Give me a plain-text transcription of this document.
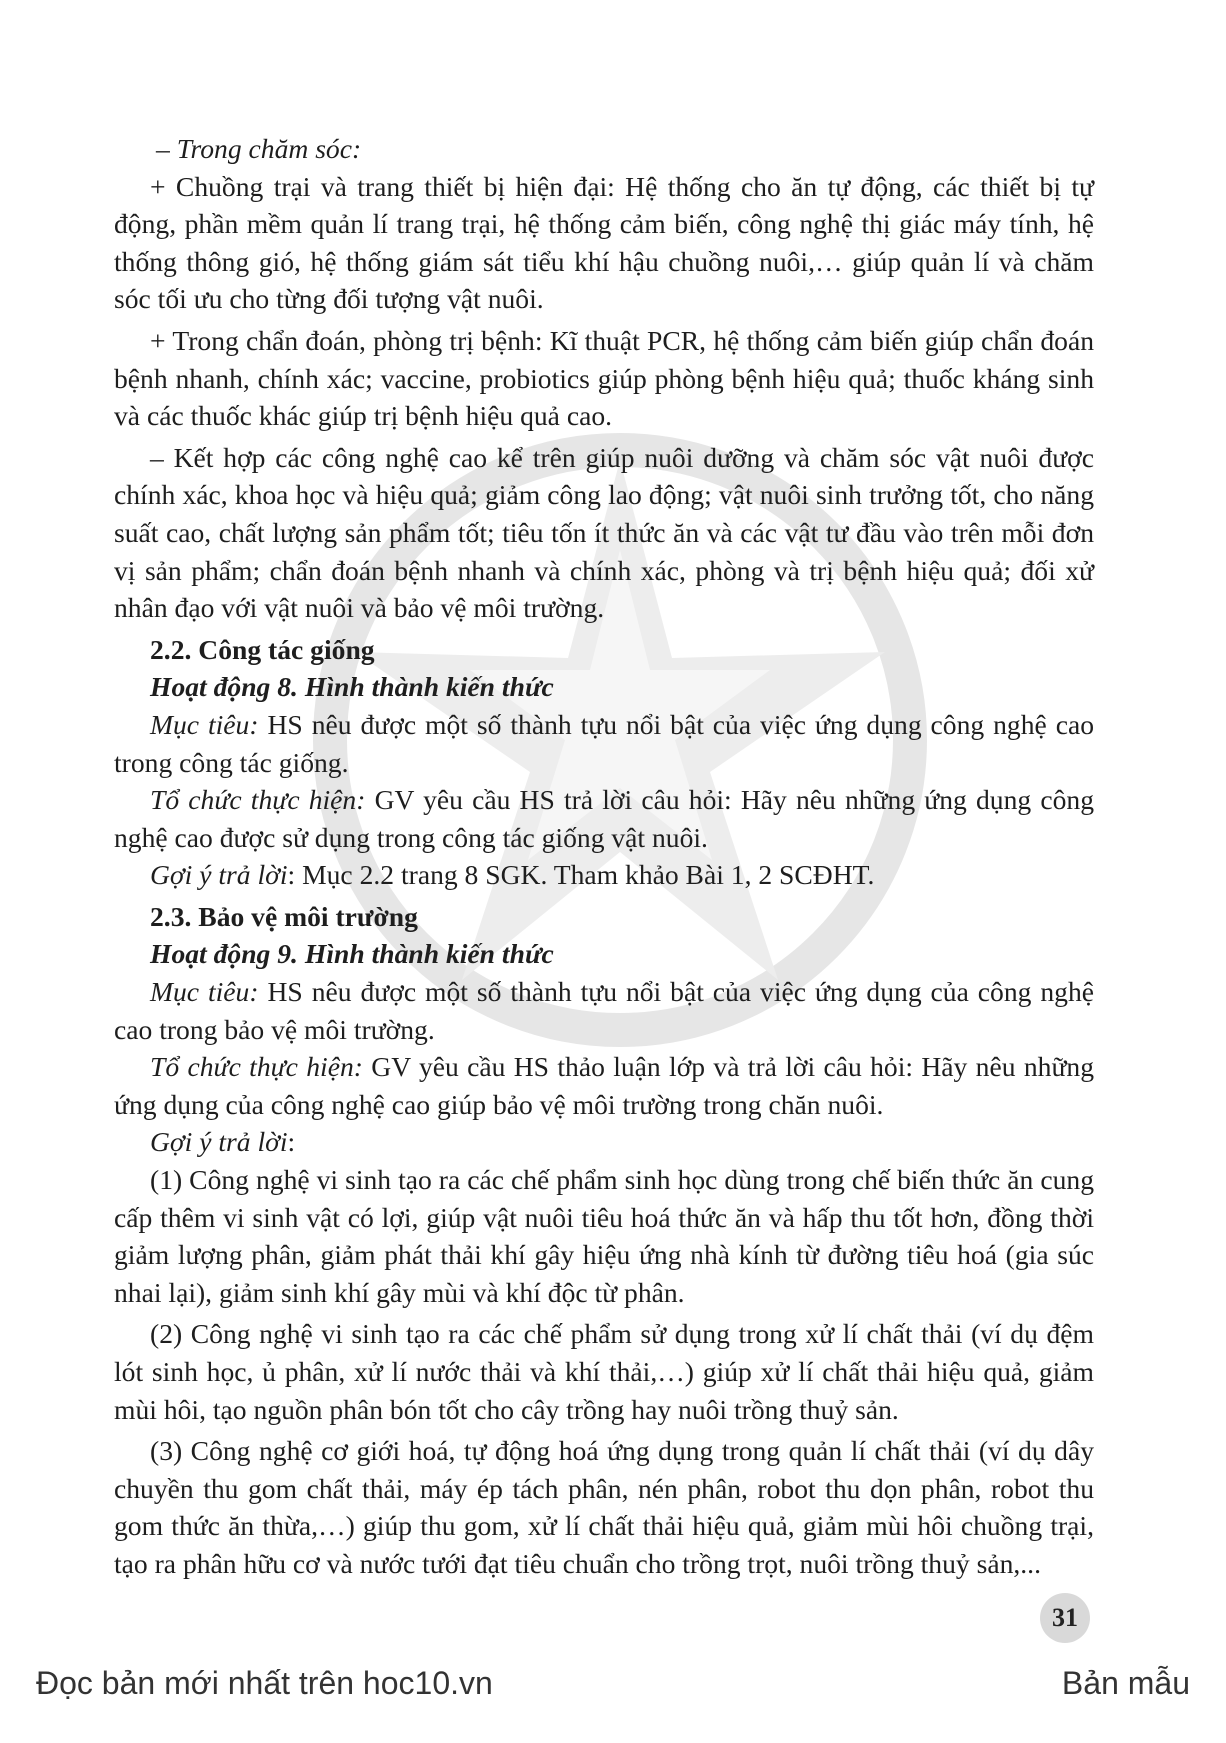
– Trong chăm sóc:

+ Chuồng trại và trang thiết bị hiện đại: Hệ thống cho ăn tự động, các thiết bị tự động, phần mềm quản lí trang trại, hệ thống cảm biến, công nghệ thị giác máy tính, hệ thống thông gió, hệ thống giám sát tiểu khí hậu chuồng nuôi,… giúp quản lí và chăm sóc tối ưu cho từng đối tượng vật nuôi.

+ Trong chẩn đoán, phòng trị bệnh: Kĩ thuật PCR, hệ thống cảm biến giúp chẩn đoán bệnh nhanh, chính xác; vaccine, probiotics giúp phòng bệnh hiệu quả; thuốc kháng sinh và các thuốc khác giúp trị bệnh hiệu quả cao.

– Kết hợp các công nghệ cao kể trên giúp nuôi dưỡng và chăm sóc vật nuôi được chính xác, khoa học và hiệu quả; giảm công lao động; vật nuôi sinh trưởng tốt, cho năng suất cao, chất lượng sản phẩm tốt; tiêu tốn ít thức ăn và các vật tư đầu vào trên mỗi đơn vị sản phẩm; chẩn đoán bệnh nhanh và chính xác, phòng và trị bệnh hiệu quả; đối xử nhân đạo với vật nuôi và bảo vệ môi trường.

2.2. Công tác giống
Hoạt động 8. Hình thành kiến thức

Mục tiêu: HS nêu được một số thành tựu nổi bật của việc ứng dụng công nghệ cao trong công tác giống.

Tổ chức thực hiện: GV yêu cầu HS trả lời câu hỏi: Hãy nêu những ứng dụng công nghệ cao được sử dụng trong công tác giống vật nuôi.

Gợi ý trả lời: Mục 2.2 trang 8 SGK. Tham khảo Bài 1, 2 SCĐHT.

2.3. Bảo vệ môi trường
Hoạt động 9. Hình thành kiến thức

Mục tiêu: HS nêu được một số thành tựu nổi bật của việc ứng dụng của công nghệ cao trong bảo vệ môi trường.

Tổ chức thực hiện: GV yêu cầu HS thảo luận lớp và trả lời câu hỏi: Hãy nêu những ứng dụng của công nghệ cao giúp bảo vệ môi trường trong chăn nuôi.

Gợi ý trả lời:

(1) Công nghệ vi sinh tạo ra các chế phẩm sinh học dùng trong chế biến thức ăn cung cấp thêm vi sinh vật có lợi, giúp vật nuôi tiêu hoá thức ăn và hấp thu tốt hơn, đồng thời giảm lượng phân, giảm phát thải khí gây hiệu ứng nhà kính từ đường tiêu hoá (gia súc nhai lại), giảm sinh khí gây mùi và khí độc từ phân.

(2) Công nghệ vi sinh tạo ra các chế phẩm sử dụng trong xử lí chất thải (ví dụ đệm lót sinh học, ủ phân, xử lí nước thải và khí thải,…) giúp xử lí chất thải hiệu quả, giảm mùi hôi, tạo nguồn phân bón tốt cho cây trồng hay nuôi trồng thuỷ sản.

(3) Công nghệ cơ giới hoá, tự động hoá ứng dụng trong quản lí chất thải (ví dụ dây chuyền thu gom chất thải, máy ép tách phân, nén phân, robot thu dọn phân, robot thu gom thức ăn thừa,…) giúp thu gom, xử lí chất thải hiệu quả, giảm mùi hôi chuồng trại, tạo ra phân hữu cơ và nước tưới đạt tiêu chuẩn cho trồng trọt, nuôi trồng thuỷ sản,...

31
Đọc bản mới nhất trên hoc10.vn	Bản mẫu
